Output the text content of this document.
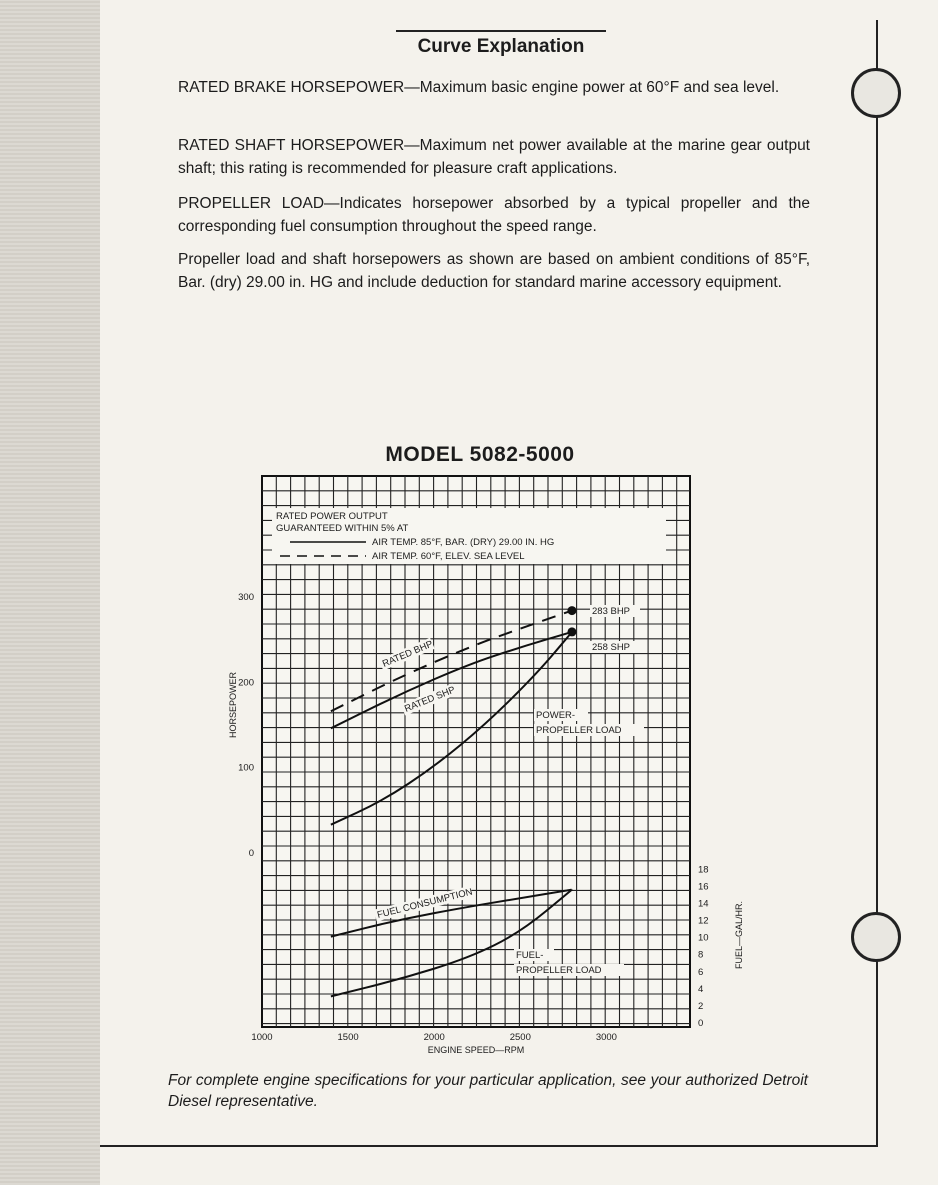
Curve Explanation
RATED BRAKE HORSEPOWER—Maximum basic engine power at 60°F and sea level.
RATED SHAFT HORSEPOWER—Maximum net power available at the marine gear output shaft; this rating is recommended for pleasure craft applications.
PROPELLER LOAD—Indicates horsepower absorbed by a typical propeller and the corresponding fuel consumption throughout the speed range.
Propeller load and shaft horsepowers as shown are based on ambient conditions of 85°F, Bar. (dry) 29.00 in. HG and include deduction for standard marine accessory equipment.
MODEL 5082-5000
RATED POWER OUTPUT
GUARANTEED WITHIN 5% AT
AIR TEMP. 85°F, BAR. (DRY) 29.00 IN. HG
AIR TEMP. 60°F, ELEV. SEA LEVEL
283 BHP
258 SHP
POWER-
PROPELLER LOAD
FUEL-
PROPELLER LOAD
RATED BHP
RATED SHP
FUEL CONSUMPTION
300
200
100
0
0
2
4
6
8
10
12
14
16
18
1000	1500	2000	2500	3000
ENGINE SPEED—RPM
HORSEPOWER
FUEL—GAL/HR.
For complete engine specifications for your particular application, see your authorized Detroit Diesel representative.
